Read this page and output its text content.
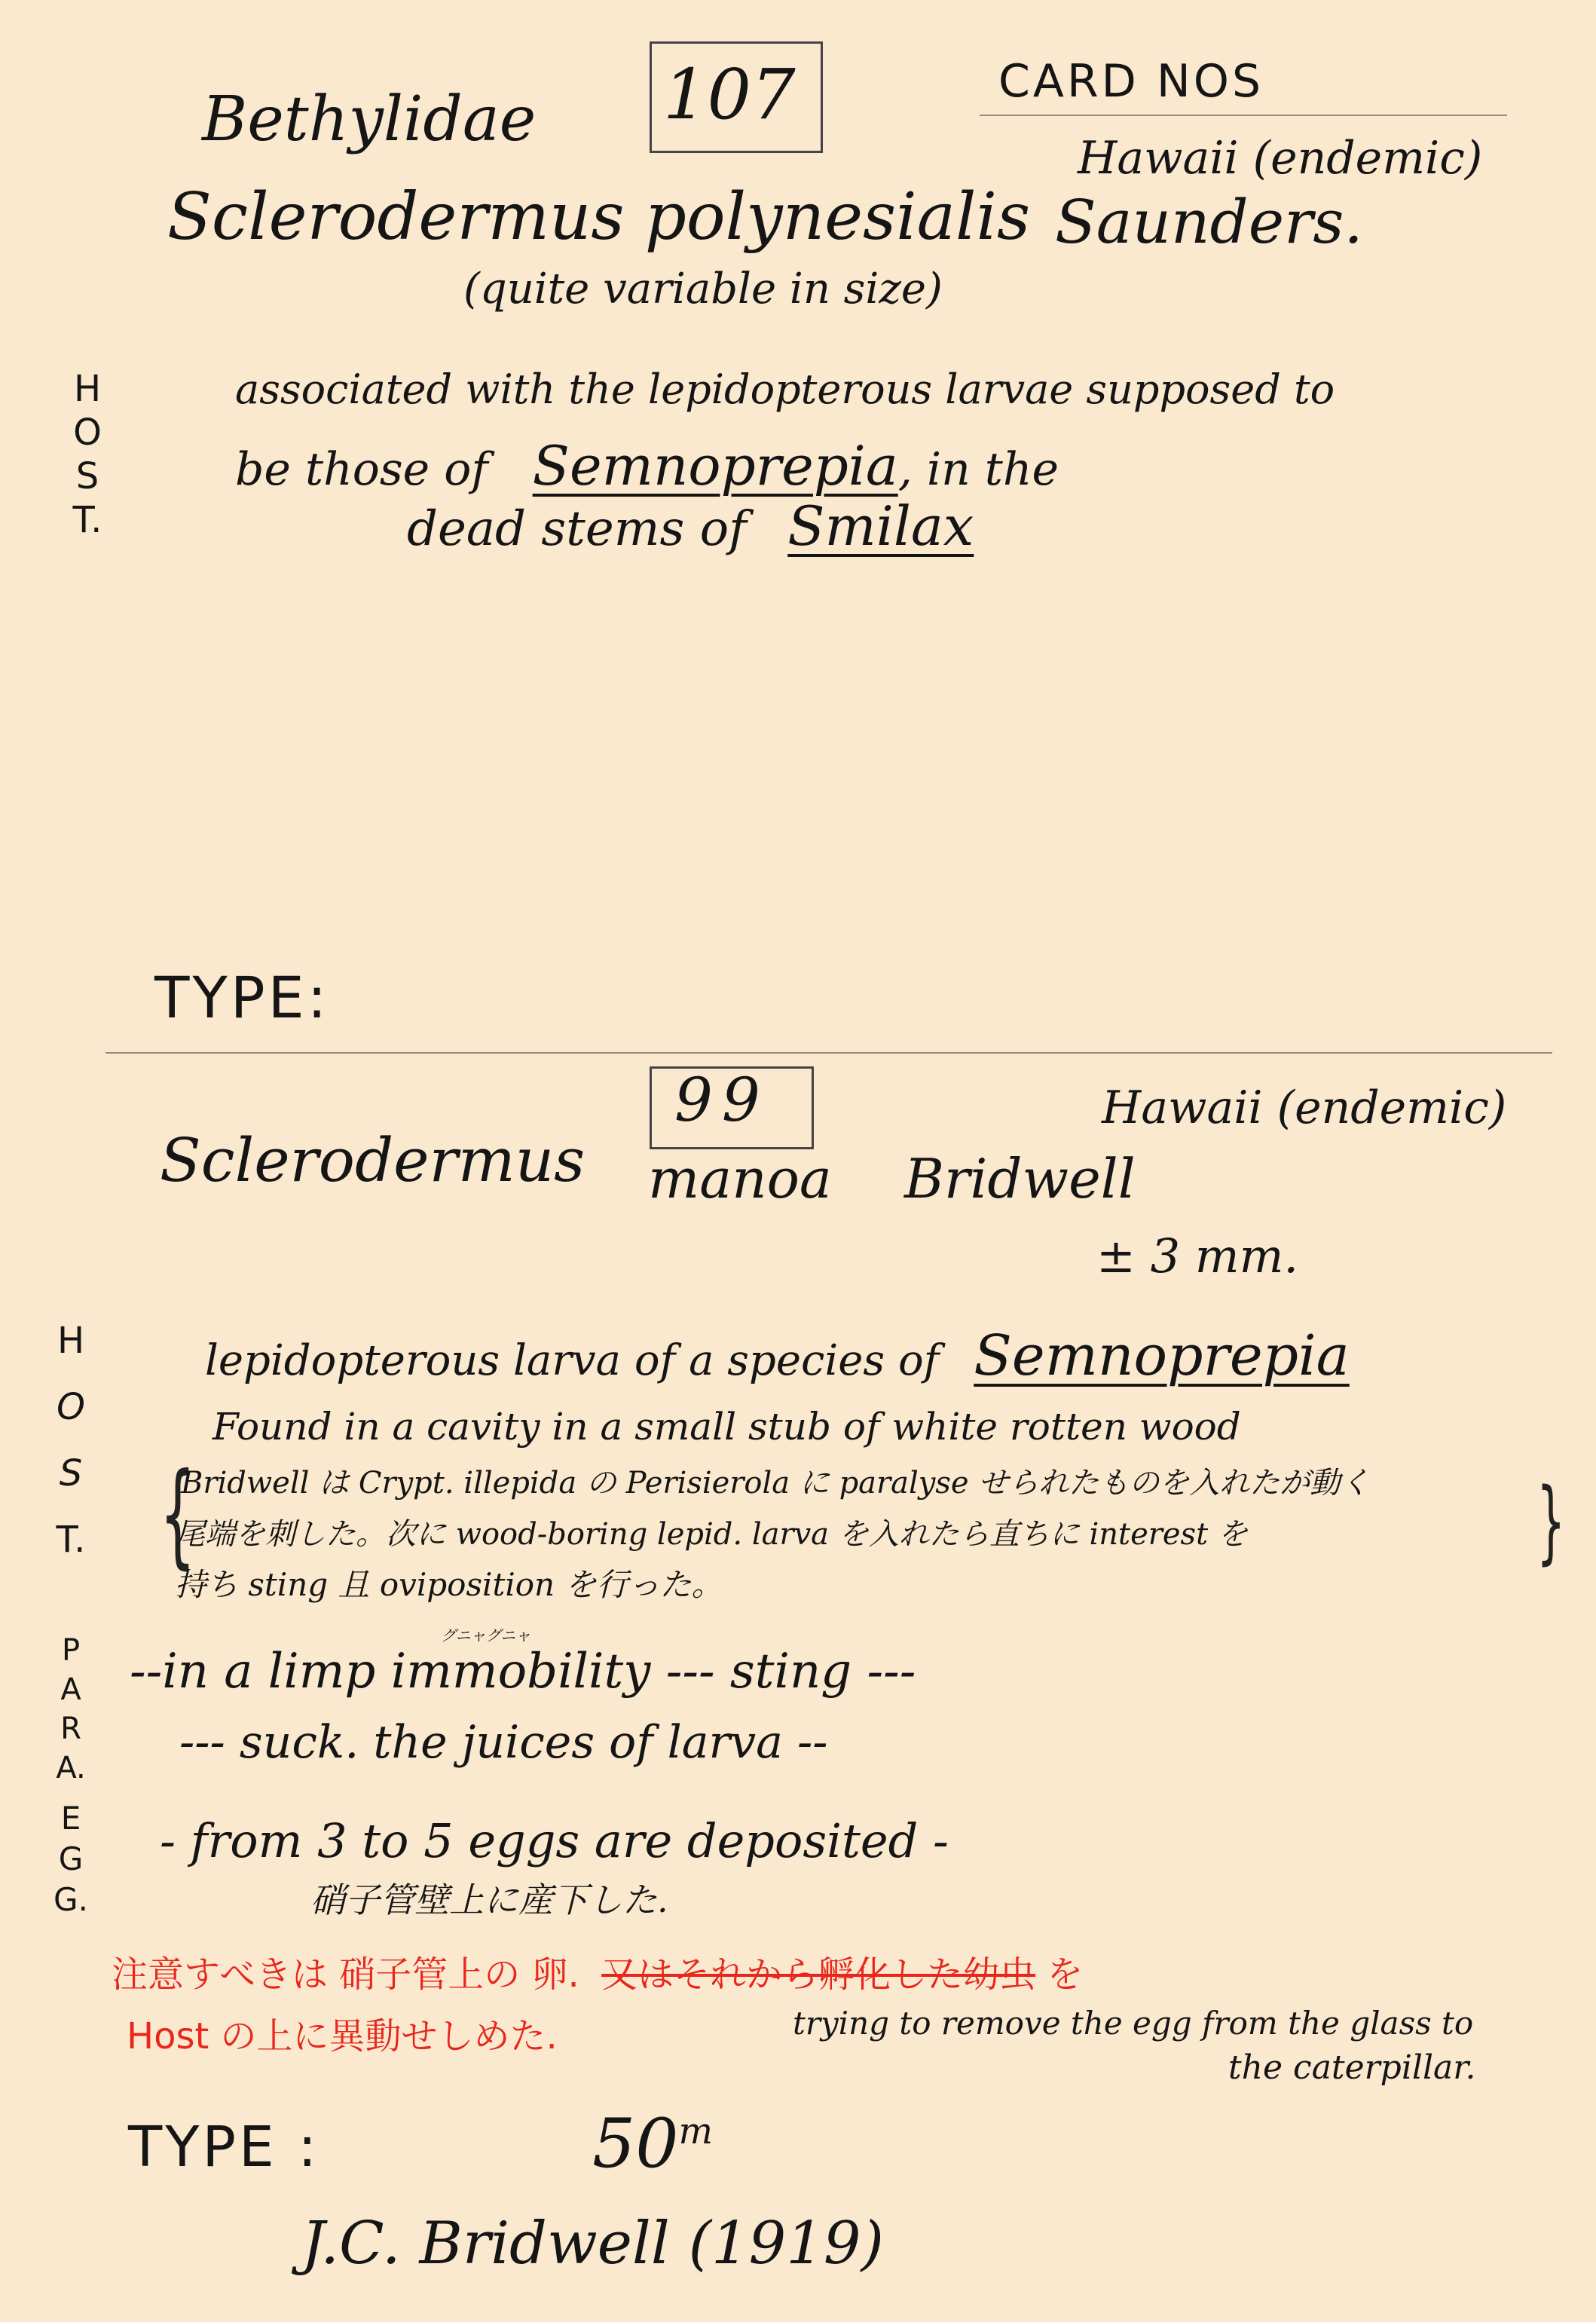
107	CARD NOS
Bethylidae
Hawaii (endemic)
Sclerodermus polynesialis Saunders.
(quite variable in size)
H
O
S
T.
associated with the lepidopterous larvae supposed to
be those of Semnoprepia, in the
dead stems of Smilax
TYPE:
99	Hawaii (endemic)
Sclerodermus manoa Bridwell
± 3 mm.
H
O
S
T.
lepidopterous larva of a species of Semnoprepia
Found in a cavity in a small stub of white rotten wood
{	}
Bridwell は Crypt. illepida の Perisierola に paralyse せられたものを入れたが動く
尾端を刺した。次に wood-boring lepid. larva を入れたら直ちに interest を
持ち sting 且 oviposition を行った。
P
A
R
A.
グニャグニャ
--in a limp immobility --- sting ---
--- suck. the juices of larva --
E
G
G.
- from 3 to 5 eggs are deposited -
硝子管壁上に産下した.
注意すべきは 硝子管上の 卵. 又はそれから孵化した幼虫 を
Host の上に異動せしめた.	trying to remove the egg from the glass to
the caterpillar.
TYPE :	50$^m$
J.C. Bridwell (1919)
